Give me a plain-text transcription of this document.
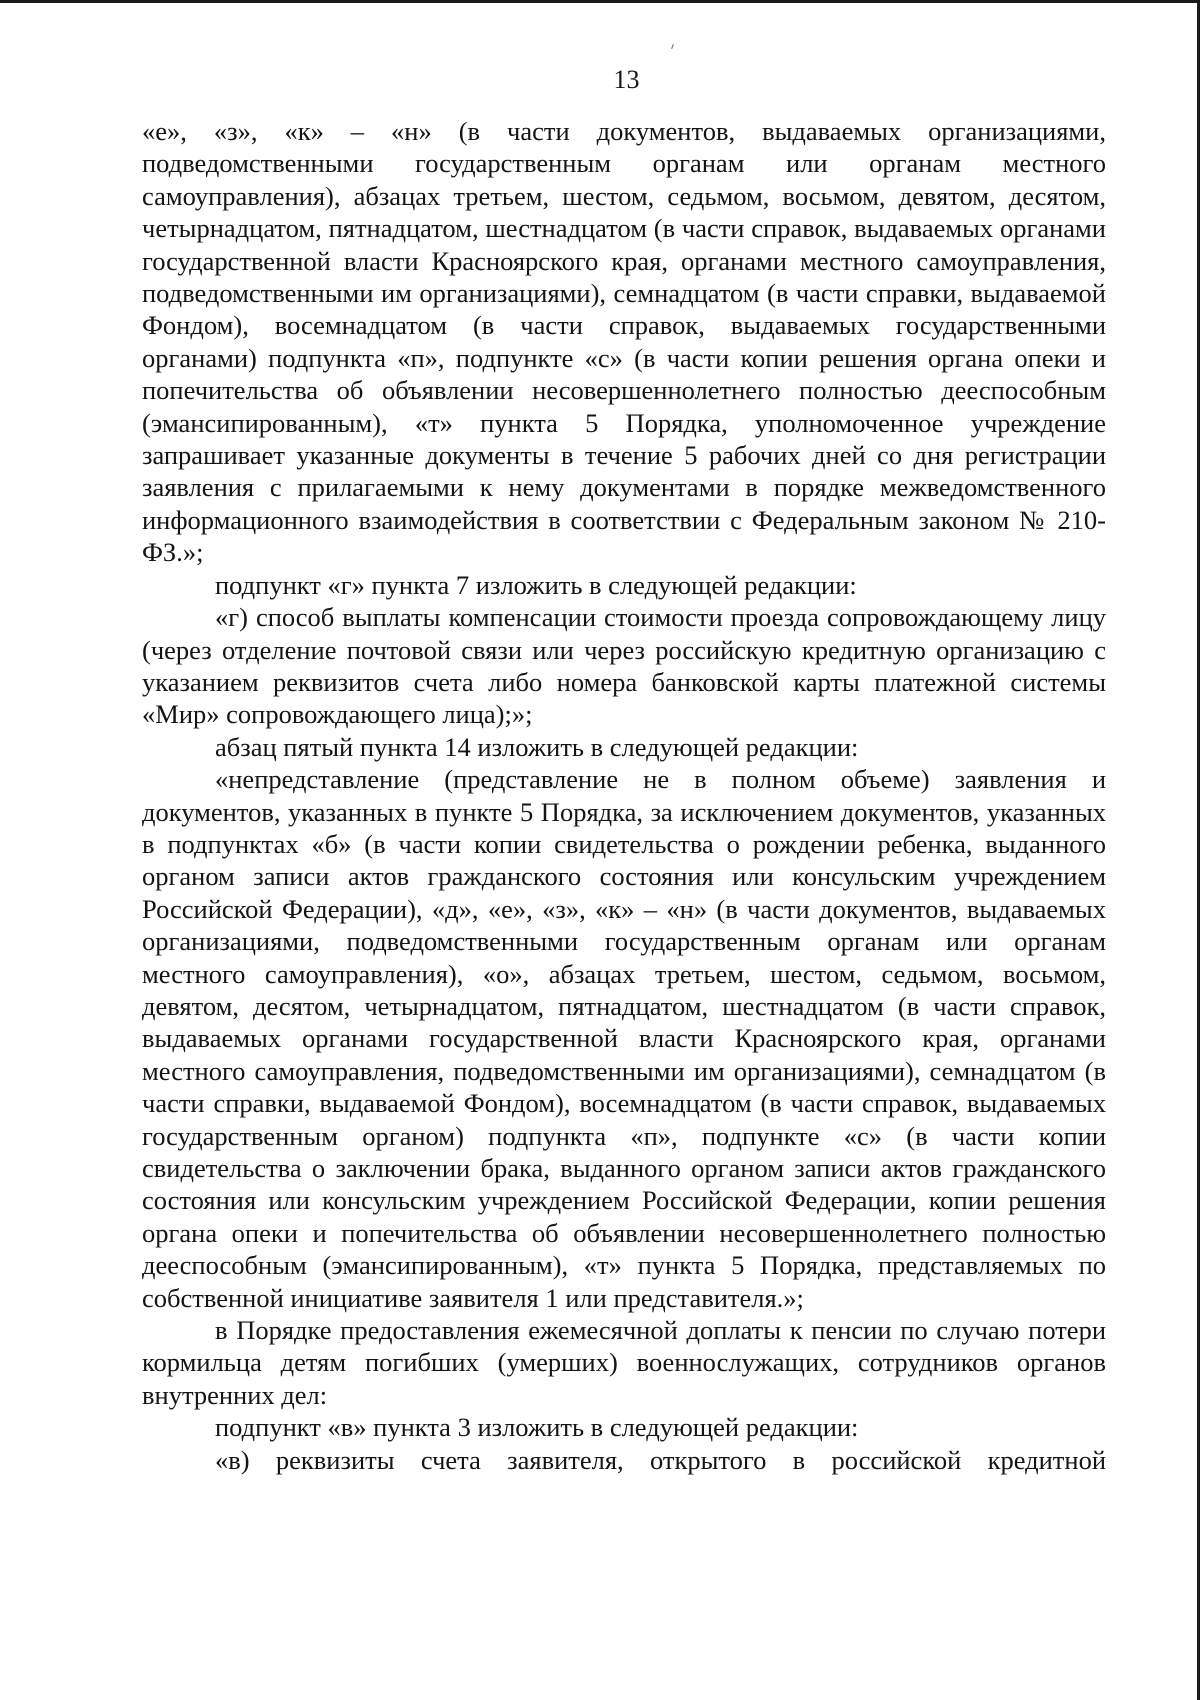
13

«е», «з», «к» – «н» (в части документов, выдаваемых организациями, подведомственными государственным органам или органам местного самоуправления), абзацах третьем, шестом, седьмом, восьмом, девятом, десятом, четырнадцатом, пятнадцатом, шестнадцатом (в части справок, выдаваемых органами государственной власти Красноярского края, органами местного самоуправления, подведомственными им организациями), семнадцатом (в части справки, выдаваемой Фондом), восемнадцатом (в части справок, выдаваемых государственными органами) подпункта «п», подпункте «с» (в части копии решения органа опеки и попечительства об объявлении несовершеннолетнего полностью дееспособным (эмансипированным), «т» пункта 5 Порядка, уполномоченное учреждение запрашивает указанные документы в течение 5 рабочих дней со дня регистрации заявления с прилагаемыми к нему документами в порядке межведомственного информационного взаимодействия в соответствии с Федеральным законом № 210-ФЗ.»;

подпункт «г» пункта 7 изложить в следующей редакции:

«г) способ выплаты компенсации стоимости проезда сопровождающему лицу (через отделение почтовой связи или через российскую кредитную организацию с указанием реквизитов счета либо номера банковской карты платежной системы «Мир» сопровождающего лица);»;

абзац пятый пункта 14 изложить в следующей редакции:

«непредставление (представление не в полном объеме) заявления и документов, указанных в пункте 5 Порядка, за исключением документов, указанных в подпунктах «б» (в части копии свидетельства о рождении ребенка, выданного органом записи актов гражданского состояния или консульским учреждением Российской Федерации), «д», «е», «з», «к» – «н» (в части документов, выдаваемых организациями, подведомственными государственным органам или органам местного самоуправления), «о», абзацах третьем, шестом, седьмом, восьмом, девятом, десятом, четырнадцатом, пятнадцатом, шестнадцатом (в части справок, выдаваемых органами государственной власти Красноярского края, органами местного самоуправления, подведомственными им организациями), семнадцатом (в части справки, выдаваемой Фондом), восемнадцатом (в части справок, выдаваемых государственным органом) подпункта «п», подпункте «с» (в части копии свидетельства о заключении брака, выданного органом записи актов гражданского состояния или консульским учреждением Российской Федерации, копии решения органа опеки и попечительства об объявлении несовершеннолетнего полностью дееспособным (эмансипированным), «т» пункта 5 Порядка, представляемых по собственной инициативе заявителя 1 или представителя.»;

в Порядке предоставления ежемесячной доплаты к пенсии по случаю потери кормильца детям погибших (умерших) военнослужащих, сотрудников органов внутренних дел:

подпункт «в» пункта 3 изложить в следующей редакции:

«в) реквизиты счета заявителя, открытого в российской кредитной
